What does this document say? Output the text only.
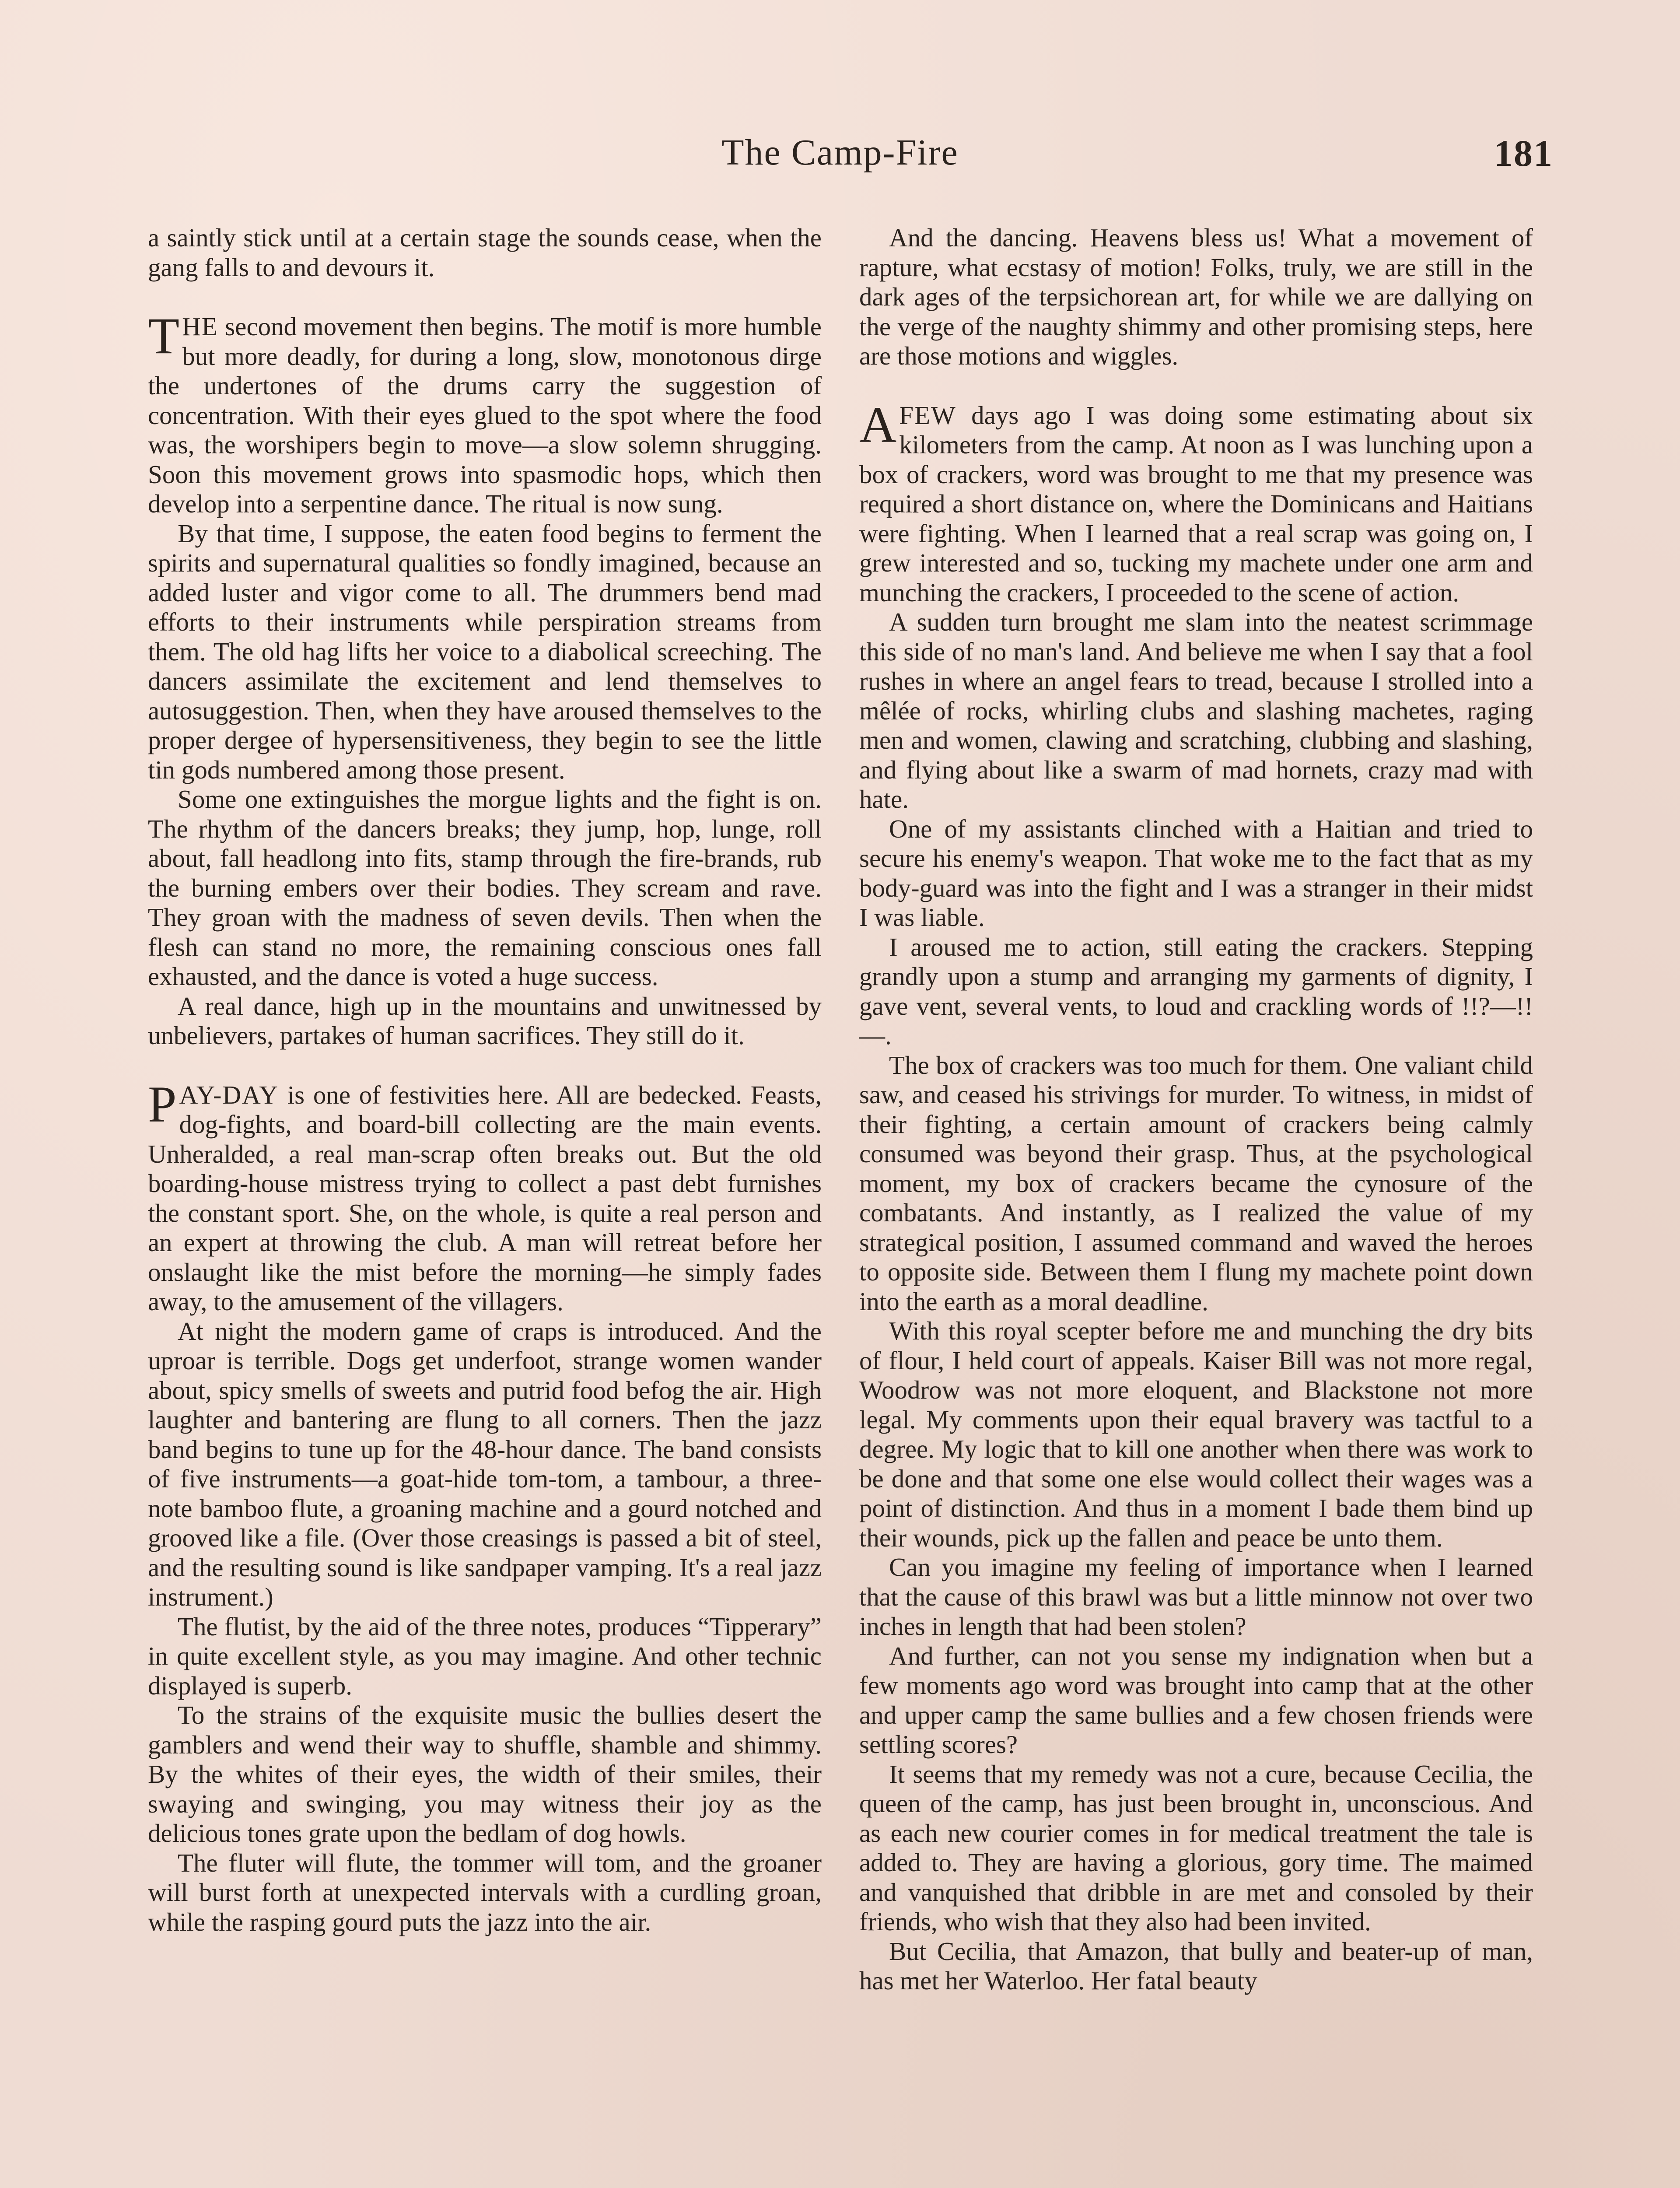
The Camp-Fire	181

a saintly stick until at a certain stage the sounds cease, when the gang falls to and devours it.

THE second movement then begins. The motif is more humble but more deadly, for during a long, slow, monotonous dirge the undertones of the drums carry the suggestion of concentration. With their eyes glued to the spot where the food was, the worshipers begin to move—a slow solemn shrugging. Soon this movement grows into spasmodic hops, which then develop into a serpentine dance. The ritual is now sung.

By that time, I suppose, the eaten food begins to ferment the spirits and supernatural qualities so fondly imagined, because an added luster and vigor come to all. The drummers bend mad efforts to their instruments while perspiration streams from them. The old hag lifts her voice to a diabolical screeching. The dancers assimilate the excitement and lend themselves to autosuggestion. Then, when they have aroused themselves to the proper dergee of hypersensitiveness, they begin to see the little tin gods numbered among those present.

Some one extinguishes the morgue lights and the fight is on. The rhythm of the dancers breaks; they jump, hop, lunge, roll about, fall headlong into fits, stamp through the fire-brands, rub the burning embers over their bodies. They scream and rave. They groan with the madness of seven devils. Then when the flesh can stand no more, the remaining conscious ones fall exhausted, and the dance is voted a huge success.

A real dance, high up in the mountains and unwitnessed by unbelievers, partakes of human sacrifices. They still do it.

PAY-DAY is one of festivities here. All are bedecked. Feasts, dog-fights, and board-bill collecting are the main events. Unheralded, a real man-scrap often breaks out. But the old boarding-house mistress trying to collect a past debt furnishes the constant sport. She, on the whole, is quite a real person and an expert at throwing the club. A man will retreat before her onslaught like the mist before the morning—he simply fades away, to the amusement of the villagers.

At night the modern game of craps is introduced. And the uproar is terrible. Dogs get underfoot, strange women wander about, spicy smells of sweets and putrid food befog the air. High laughter and bantering are flung to all corners. Then the jazz band begins to tune up for the 48-hour dance. The band consists of five instruments—a goat-hide tom-tom, a tambour, a three-note bamboo flute, a groaning machine and a gourd notched and grooved like a file. (Over those creasings is passed a bit of steel, and the resulting sound is like sandpaper vamping. It's a real jazz instrument.)

The flutist, by the aid of the three notes, produces “Tipperary” in quite excellent style, as you may imagine. And other technic displayed is superb.

To the strains of the exquisite music the bullies desert the gamblers and wend their way to shuffle, shamble and shimmy. By the whites of their eyes, the width of their smiles, their swaying and swinging, you may witness their joy as the delicious tones grate upon the bedlam of dog howls.

The fluter will flute, the tommer will tom, and the groaner will burst forth at unexpected intervals with a curdling groan, while the rasping gourd puts the jazz into the air.

And the dancing. Heavens bless us! What a movement of rapture, what ecstasy of motion! Folks, truly, we are still in the dark ages of the terpsichorean art, for while we are dallying on the verge of the naughty shimmy and other promising steps, here are those motions and wiggles.

A FEW days ago I was doing some estimating about six kilometers from the camp. At noon as I was lunching upon a box of crackers, word was brought to me that my presence was required a short distance on, where the Dominicans and Haitians were fighting. When I learned that a real scrap was going on, I grew interested and so, tucking my machete under one arm and munching the crackers, I proceeded to the scene of action.

A sudden turn brought me slam into the neatest scrimmage this side of no man's land. And believe me when I say that a fool rushes in where an angel fears to tread, because I strolled into a mêlée of rocks, whirling clubs and slashing machetes, raging men and women, clawing and scratching, clubbing and slashing, and flying about like a swarm of mad hornets, crazy mad with hate.

One of my assistants clinched with a Haitian and tried to secure his enemy's weapon. That woke me to the fact that as my body-guard was into the fight and I was a stranger in their midst I was liable.

I aroused me to action, still eating the crackers. Stepping grandly upon a stump and arranging my garments of dignity, I gave vent, several vents, to loud and crackling words of !!?—!!—.

The box of crackers was too much for them. One valiant child saw, and ceased his strivings for murder. To witness, in midst of their fighting, a certain amount of crackers being calmly consumed was beyond their grasp. Thus, at the psychological moment, my box of crackers became the cynosure of the combatants. And instantly, as I realized the value of my strategical position, I assumed command and waved the heroes to opposite side. Between them I flung my machete point down into the earth as a moral deadline.

With this royal scepter before me and munching the dry bits of flour, I held court of appeals. Kaiser Bill was not more regal, Woodrow was not more eloquent, and Blackstone not more legal. My comments upon their equal bravery was tactful to a degree. My logic that to kill one another when there was work to be done and that some one else would collect their wages was a point of distinction. And thus in a moment I bade them bind up their wounds, pick up the fallen and peace be unto them.

Can you imagine my feeling of importance when I learned that the cause of this brawl was but a little minnow not over two inches in length that had been stolen?

And further, can not you sense my indignation when but a few moments ago word was brought into camp that at the other and upper camp the same bullies and a few chosen friends were settling scores?

It seems that my remedy was not a cure, because Cecilia, the queen of the camp, has just been brought in, unconscious. And as each new courier comes in for medical treatment the tale is added to. They are having a glorious, gory time. The maimed and vanquished that dribble in are met and consoled by their friends, who wish that they also had been invited.

But Cecilia, that Amazon, that bully and beater-up of man, has met her Waterloo. Her fatal beauty
